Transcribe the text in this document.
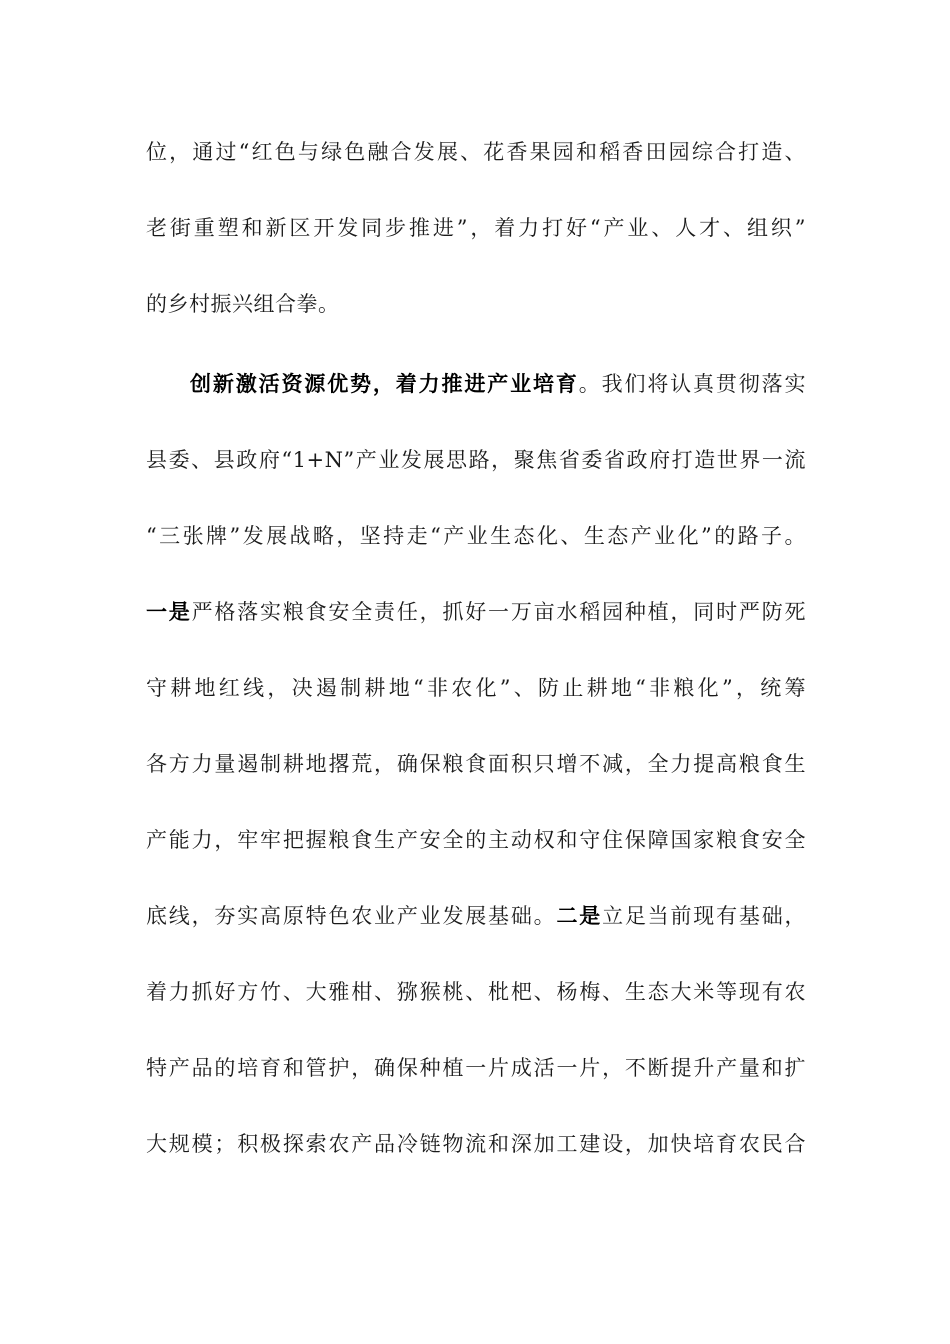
位，通过“红色与绿色融合发展、花香果园和稻香田园综合打造、
老街重塑和新区开发同步推进”，着力打好“产业、人才、组织”
的乡村振兴组合拳。
创新激活资源优势，着力推进产业培育。我们将认真贯彻落实
县委、县政府“1+N”产业发展思路，聚焦省委省政府打造世界一流
“三张牌”发展战略，坚持走“产业生态化、生态产业化”的路子。
一是严格落实粮食安全责任，抓好一万亩水稻园种植，同时严防死
守耕地红线，决遏制耕地“非农化”、防止耕地“非粮化”，统筹
各方力量遏制耕地撂荒，确保粮食面积只增不减，全力提高粮食生
产能力，牢牢把握粮食生产安全的主动权和守住保障国家粮食安全
底线，夯实高原特色农业产业发展基础。二是立足当前现有基础，
着力抓好方竹、大雅柑、猕猴桃、枇杷、杨梅、生态大米等现有农
特产品的培育和管护，确保种植一片成活一片，不断提升产量和扩
大规模；积极探索农产品冷链物流和深加工建设，加快培育农民合
